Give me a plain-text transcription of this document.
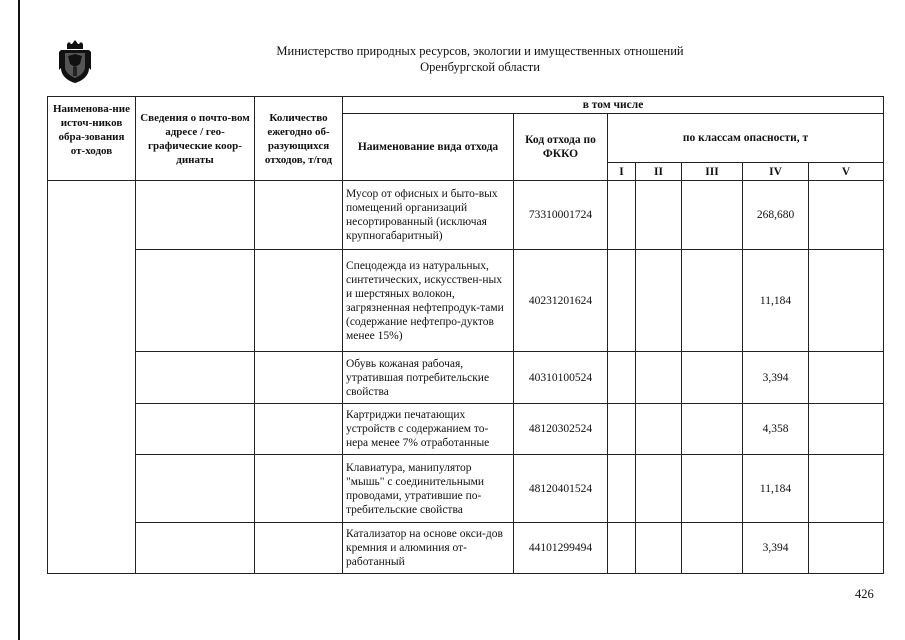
Министерство природных ресурсов, экологии и имущественных отношений
Оренбургской области
Наименова-ние источ-ников обра-зования от-ходов	Сведения о почто-вом адресе / гео-графические коор-динаты	Количество ежегодно об-разующихся отходов, т/год	в том числе						
			Наименование вида отхода	Код отхода по ФККО	по классам опасности, т				
					I	II	III	IV	V
			Мусор от офисных и быто-вых помещений организаций несортированный (исключая крупногабаритный)	73310001724				268,680	
			Спецодежда из натуральных, синтетических, искусствен-ных и шерстяных волокон, загрязненная нефтепродук-тами (содержание нефтепро-дуктов менее 15%)	40231201624				11,184	
			Обувь кожаная рабочая, утратившая потребительские свойства	40310100524				3,394	
			Картриджи печатающих устройств с содержанием то-нера менее 7% отработанные	48120302524				4,358	
			Клавиатура, манипулятор "мышь" с соединительными проводами, утратившие по-требительские свойства	48120401524				11,184	
			Катализатор на основе окси-дов кремния и алюминия от-работанный	44101299494				3,394	
426
